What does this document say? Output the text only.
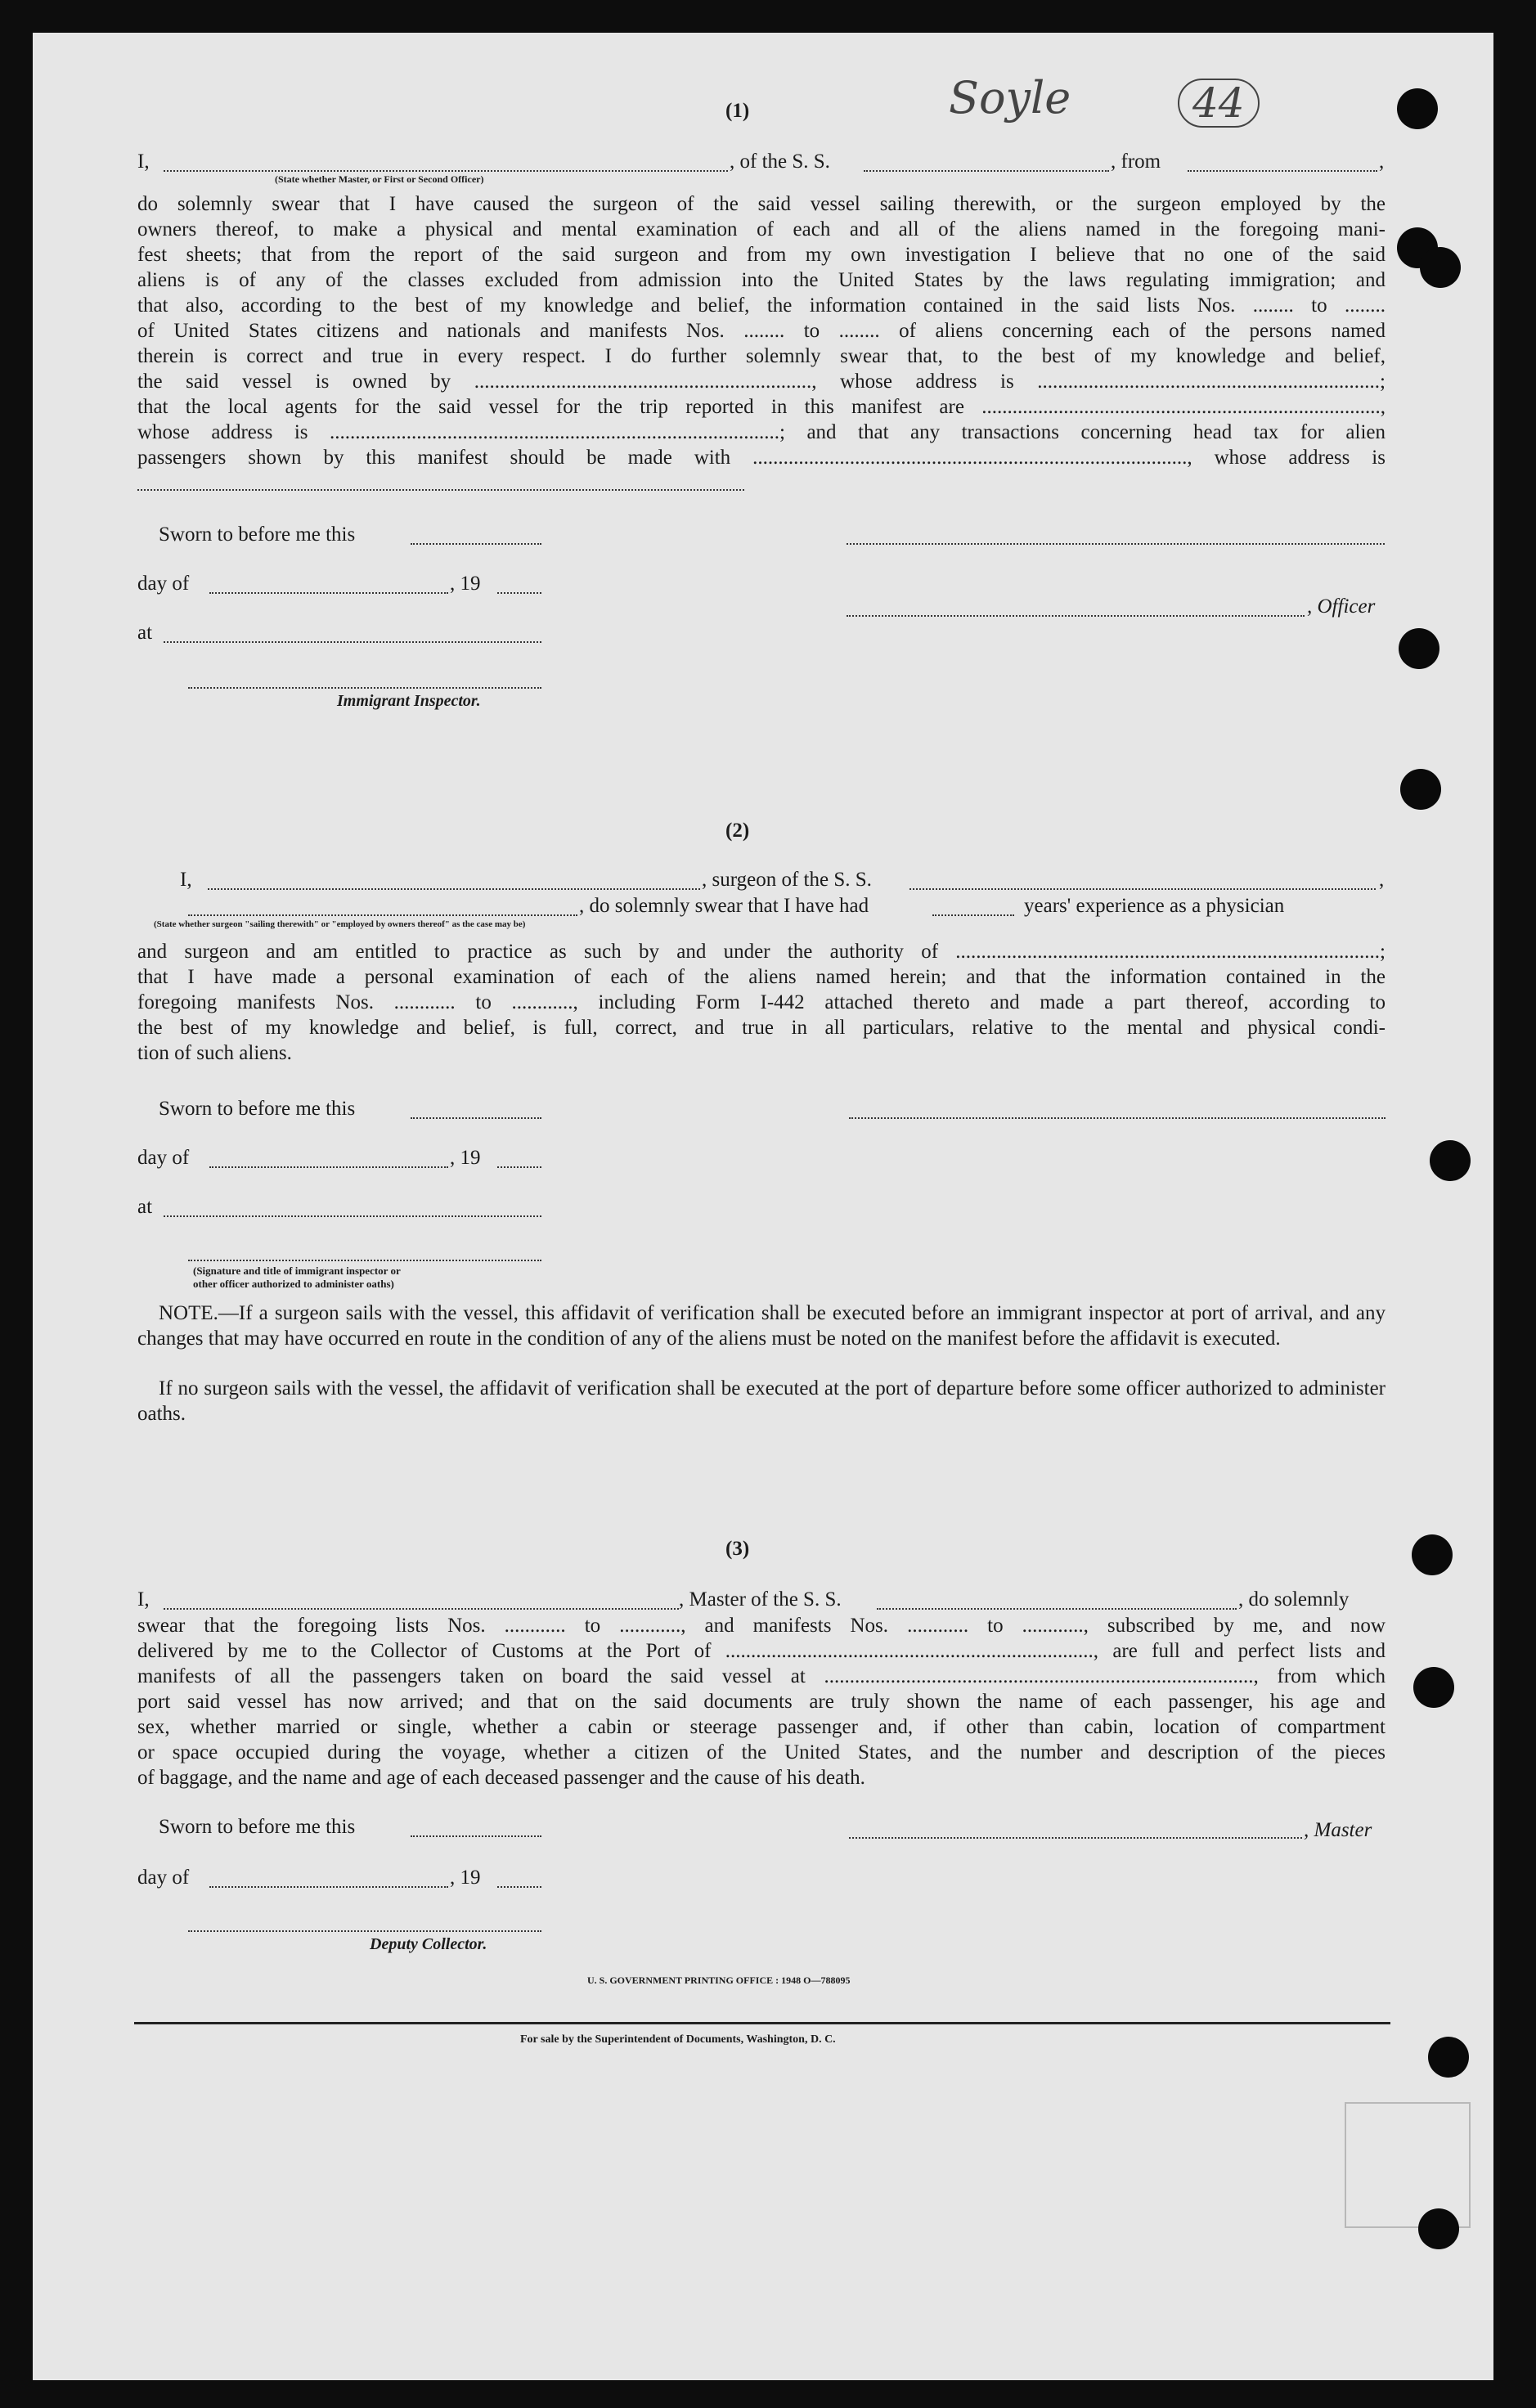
Soyle	44
(1)
I,	, of the S. S.	, from	,
(State whether Master, or First or Second Officer)
do solemnly swear that I have caused the surgeon of the said vessel sailing therewith, or the surgeon employed by the
owners thereof, to make a physical and mental examination of each and all of the aliens named in the foregoing mani-
fest sheets; that from the report of the said surgeon and from my own investigation I believe that no one of the said
aliens is of any of the classes excluded from admission into the United States by the laws regulating immigration; and
that also, according to the best of my knowledge and belief, the information contained in the said lists Nos. ........ to ........
of United States citizens and nationals and manifests Nos. ........ to ........ of aliens concerning each of the persons named
therein is correct and true in every respect. I do further solemnly swear that, to the best of my knowledge and belief,
the said vessel is owned by .................................................................., whose address is ...................................................................;
that the local agents for the said vessel for the trip reported in this manifest are ..............................................................................,
whose address is ........................................................................................; and that any transactions concerning head tax for alien
passengers shown by this manifest should be made with ....................................................................................., whose address is
Sworn to before me this
day of	, 19
, Officer
at
Immigrant Inspector.
(2)
I,	, surgeon of the S. S.	,
, do solemnly swear that I have had	years' experience as a physician
(State whether surgeon "sailing therewith" or "employed by owners thereof" as the case may be)
and surgeon and am entitled to practice as such by and under the authority of ...................................................................................;
that I have made a personal examination of each of the aliens named herein; and that the information contained in the
foregoing manifests Nos. ............ to ............, including Form I-442 attached thereto and made a part thereof, according to
the best of my knowledge and belief, is full, correct, and true in all particulars, relative to the mental and physical condi-
tion of such aliens.
Sworn to before me this
day of	, 19
at
(Signature and title of immigrant inspector or
other officer authorized to administer oaths)
NOTE.—If a surgeon sails with the vessel, this affidavit of verification shall be executed before an immigrant inspector at port of arrival, and any changes that may have occurred en route in the condition of any of the aliens must be noted on the manifest before the affidavit is executed.
If no surgeon sails with the vessel, the affidavit of verification shall be executed at the port of departure before some officer authorized to administer oaths.
(3)
I,	, Master of the S. S.	, do solemnly
swear that the foregoing lists Nos. ............ to ............, and manifests Nos. ............ to ............, subscribed by me, and now
delivered by me to the Collector of Customs at the Port of ........................................................................, are full and perfect lists and
manifests of all the passengers taken on board the said vessel at ...................................................................................., from which
port said vessel has now arrived; and that on the said documents are truly shown the name of each passenger, his age and
sex, whether married or single, whether a cabin or steerage passenger and, if other than cabin, location of compartment
or space occupied during the voyage, whether a citizen of the United States, and the number and description of the pieces
of baggage, and the name and age of each deceased passenger and the cause of his death.
Sworn to before me this	, Master
day of	, 19
Deputy Collector.
U. S. GOVERNMENT PRINTING OFFICE : 1948 O—788095
For sale by the Superintendent of Documents, Washington, D. C.
